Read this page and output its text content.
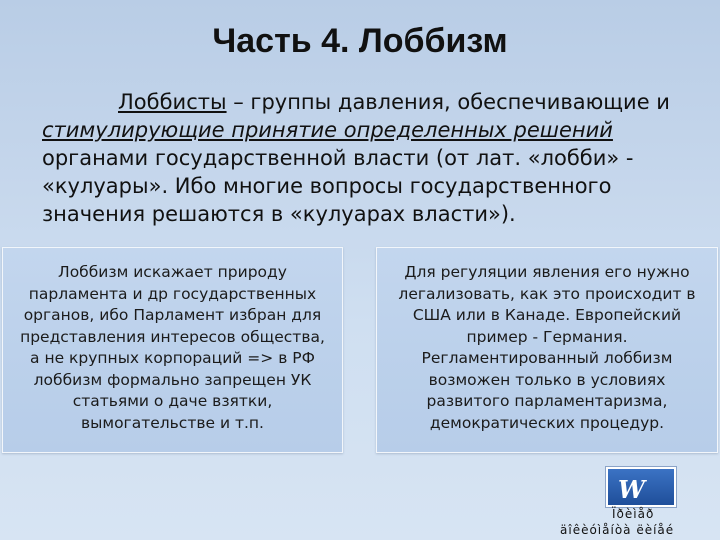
Часть 4. Лоббизм
Лоббисты – группы давления, обеспечивающие и
стимулирующие принятие определенных решений органами государственной власти (от лат. «лобби» - «кулуары». Ибо многие вопросы государственного значения решаются в «кулуарах власти»).
Лоббизм искажает природу
парламента и др государственных
органов, ибо Парламент избран для
представления интересов общества,
а не крупных корпораций => в РФ
лоббизм формально запрещен УК
статьями о даче взятки,
вымогательстве и т.п.
Для регуляции явления его нужно
легализовать, как это происходит в
США или в Канаде. Европейский
пример - Германия.
Регламентированный лоббизм
возможен только в условиях
развитого парламентаризма,
демократических процедур.
W
Ïðèìåð
äîêèóìåíòà ëèíåé
